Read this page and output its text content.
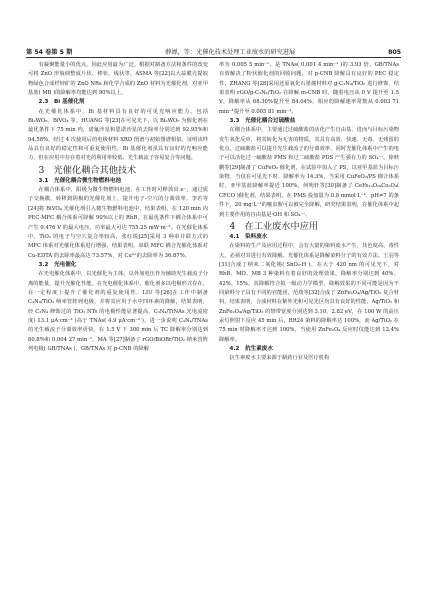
第 54 卷第 5 期	薛婵，等：光催化技术处理工业废水的研究进展	805

有凝聚能量小的优点，因此应用最为广泛。根据对制备方法和条件的改变可将 ZnO 形貌调整成片状、棒状、线状等。ASMA 等[22]以大蒜膜壳提取物绿色合成纤锌矿的 ZnO NRs 和化学合成的 ZnO 材料为光催化剂，对亚甲基蓝( MB )的降解率均能达到 90%以上。

2.3　Bi 基催化剂

在光催化体系中，Bi 基材料具有良好的可见光响应能力，包括 Bi₂WO₆、BiVO₄ 等。HUANG 等[23]在可见光下，以 Bi₂WO₆ 为催化剂在最优条件下 75 min 内，诺氟沙星和恩诺沙星的去除率分别达到 92.95%和 94.58%，经过 4 次使用后的电极材料 XRD 图谱与初始图谱相似，证明该样品具有良好的稳定性和可重复使用性。Bi 基催化剂虽具有良好的光响应能力，但在应用中存在着对光的利用率较低、光生载流子容易复合等问题。

3　光催化耦合其他技术

3.1　光催化耦合微生物燃料电池

在耦合体系中，阳极为微生物燃料电池，在工作时可释放出 e⁻，通过质子交换膜，转移到阴极的光催化剂上，提升电子-空穴的分离效率。李若等[24]将 BiVO₄ 光催化剂引入微生物燃料电池中，结果表明，在 120 min 内 PEC-MFC 耦合体系可降解 90%以上的 RhB，在最优条件下耦合体系中可产生 0.476 V 的最大电压，功率最大可达 755.25 mW·m⁻²。在光催化体系中，TiO₂ 的电子与空穴复合率较高，张红锐[25]采用 3 种串并联方式的 MFC 体系对光催化体系进行增强，结果表明，串联 MFC 耦合光催化体系对 Cu-EDTA 的去除率最高达 73.57%，对 Cu²⁺的去除率为 36.87%。

3.2　光电催化

在光电催化体系中，以光催化为主体，以外加电压作为辅助光生载流子分离的能量，提升光催化性能。在光电催化体系中，催化剂多以电极形式存在，在一定程度上提升了催化剂的重复使用性。LIU 等[26]在工作中制备 C₃N₄/TiO₂ 纳米管阵列电极，并将其应用于水中四环素的降解，结果表明，经 C₃N₄ 修饰过的 TiO₂ NTs 的电极性能显著提高，C₃N₄/TiNAs 光电流密度( 13.1 μA·cm⁻² )高于 TNAs( 4.9 μA·cm⁻² )，进一步说明 C₃N₄/TNAs 的光生载流子分离效率更快，在 1.5 V 下 300 min 后 TC 降解率分别达到 80.8%和 0.004 27 min⁻¹。MA 等[27]制备了 rGO/BiOBr/TiO₂ 纳米管阵列电极( GB/TNAs )，GB/TNAs 对 p-CNB 的降解

率为 0.005 5 min⁻¹，是 TNAs( 0.001 4 min⁻¹ )的 3.93 倍。GB/TNAs 有效解决了粉状催化剂的回收问题，对 p-CNB 降解具有良好的 PEC 稳定性。ZHANG 等[28]采用还原氧化石墨烯材料对 g-C₃N₄/TiO₂ 进行修饰，结果表明 rGO/g-C₃N₄/TiO₂ 在降解 m-CNB 时，随着电压从 0 V 提升至 1.5 V，降解率从 68.30%提升至 84.04%，相应的降解速率常数从 0.003 71 min⁻¹提升至 0.005 81 min⁻¹。

3.3　光催化耦合过硫酸盐

在耦合体系中，主要通过过硫酸盐的活化产生自由基，进而与目标污染物发生氧化反应，将其转化为无害的物质。其具有高效、快速、无毒、无残留的优点。过硫酸盐可以提升光生载流子的分离效率，同时光催化体系中产生的电子可以活化过一硫酸盐 PMS 和过二硫酸盐 PDS 产生强有力的 SO₄⁻·。徐秋鹏等[29]制备了 CuFeO₂ 催化剂，在试验中加入了 PS，以亚甲基蓝为目标污染物，当仅在可见光下时，降解率为 14.3%，当采用 CuFeO₂/PS 耦合体系时，亚甲基蓝降解率提近 100%。何明轩等[30]制备了 CeFe₁₂O₁₉Co₃O₄( CFCO )催化剂，结果表明，在 PMS 投加量为 0.8 mmol·L⁻¹、pH=7 的条件下，20 mg·L⁻¹的噻虫胺可以被完全降解，研究结果表明，在催化体系中起到主要作用的自由基是·OH 和 SO₄⁻·。

4　在工业废水中应用

4.1　染料废水

在染料的生产及应用过程中，会有大量的染料废水产生，其色度高、毒性大，必须对其进行有效降解。光催化体系是降解染料分子的有效方法。王羽等[31]合成了纳米二氧化锡( SnO₂-H )，在大于 420 nm 的可见光下，对 RhB、MO、MB 3 种染料有着良好的处理效果，降解率分别达到 40%、42%、15%。其降解符合拟一级动力学模型，降解效果的不同可能是因为不同染料分子具有不同的官能团。范琰等[32]合成了 ZnFe₂O₄/Ag/TiO₂ 复合材料，结果表明，合成材料在紫外光和可见光区均具有良好的性能，Ag/TiO₂ 和 ZnFe₂O₄/Ag/TiO₂ 的禁带宽度分别达到 3.10、2.82 eV，在 100 W 的高压汞灯照射下反应 45 min 后，RR24 染料的降解率达 100%，而 Ag/TiO₂ 在 75 min 时降解率才达到 100%，当使用 ZnFe₂O₄ 反应时仅能达到 12.4%降解率。

4.2　抗生素废水

抗生素废水主要来源于制药行业及医疗机构
